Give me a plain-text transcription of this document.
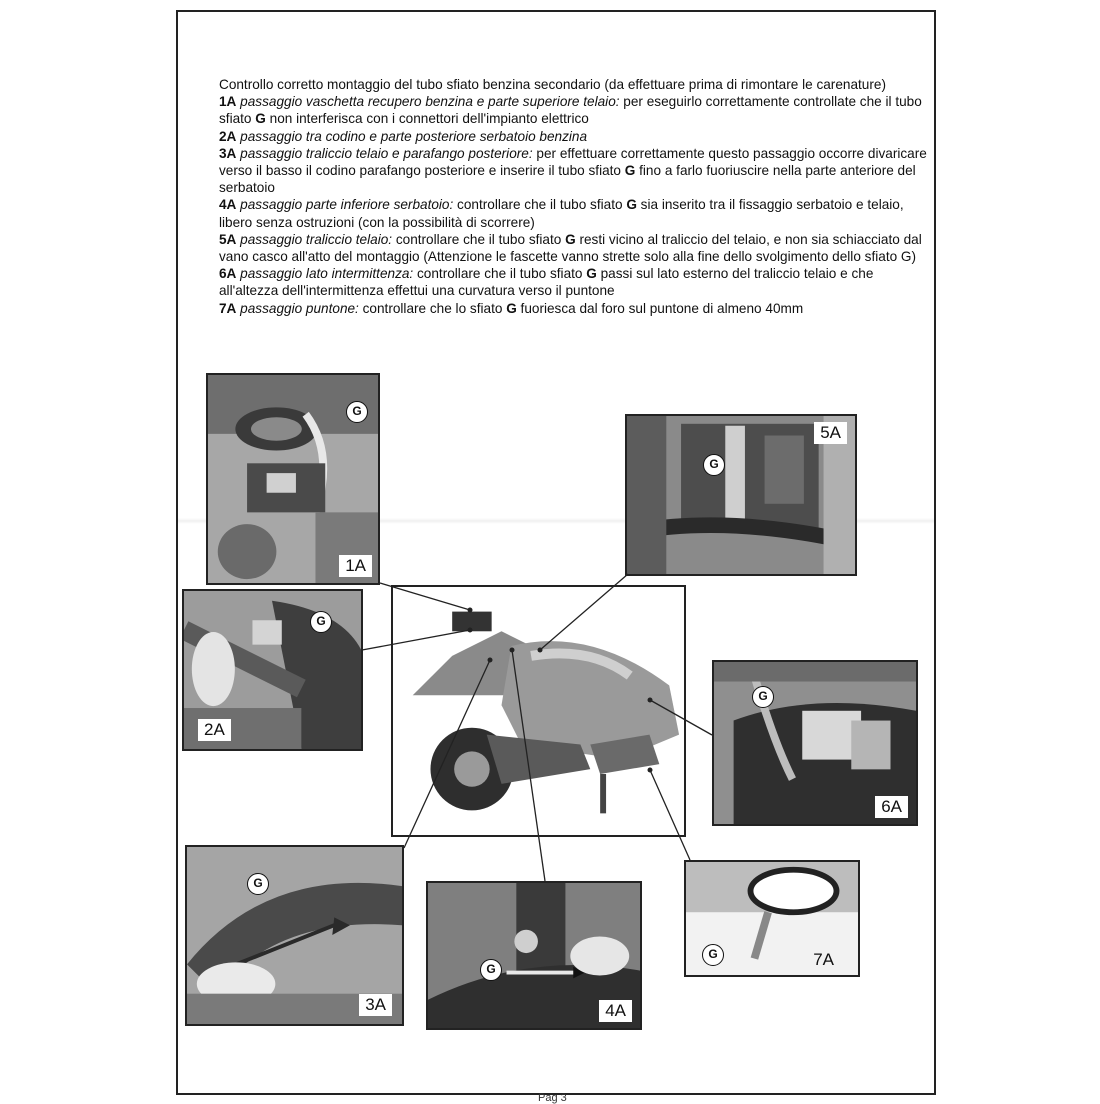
Controllo corretto montaggio del tubo sfiato benzina secondario (da effettuare prima di rimontare le carenature)

1A passaggio vaschetta recupero benzina e parte superiore telaio: per eseguirlo correttamente controllate che il tubo sfiato G non interferisca con i connettori dell'impianto elettrico

2A passaggio tra codino e parte posteriore serbatoio benzina

3A passaggio traliccio telaio e parafango posteriore: per effettuare correttamente questo passaggio occorre divaricare verso il basso il codino parafango posteriore e inserire il tubo sfiato G fino a farlo fuoriuscire nella parte anteriore del serbatoio

4A passaggio parte inferiore serbatoio: controllare che il tubo sfiato G sia inserito tra il fissaggio serbatoio e telaio, libero senza ostruzioni (con la possibilità di scorrere)

5A passaggio traliccio telaio: controllare che il tubo sfiato G resti vicino al traliccio del telaio, e non sia schiacciato dal vano casco all'atto del montaggio (Attenzione le fascette vanno strette solo alla fine dello svolgimento dello sfiato G)

6A passaggio lato intermittenza: controllare che il tubo sfiato G passi sul lato esterno del traliccio telaio e che all'altezza dell'intermittenza effettui una curvatura verso il puntone

7A passaggio puntone: controllare che lo sfiato G fuoriesca dal foro sul puntone di almeno 40mm

G
1A
G
5A
G
2A
G
6A
G
3A
G
4A
G	7A
Pag 3
